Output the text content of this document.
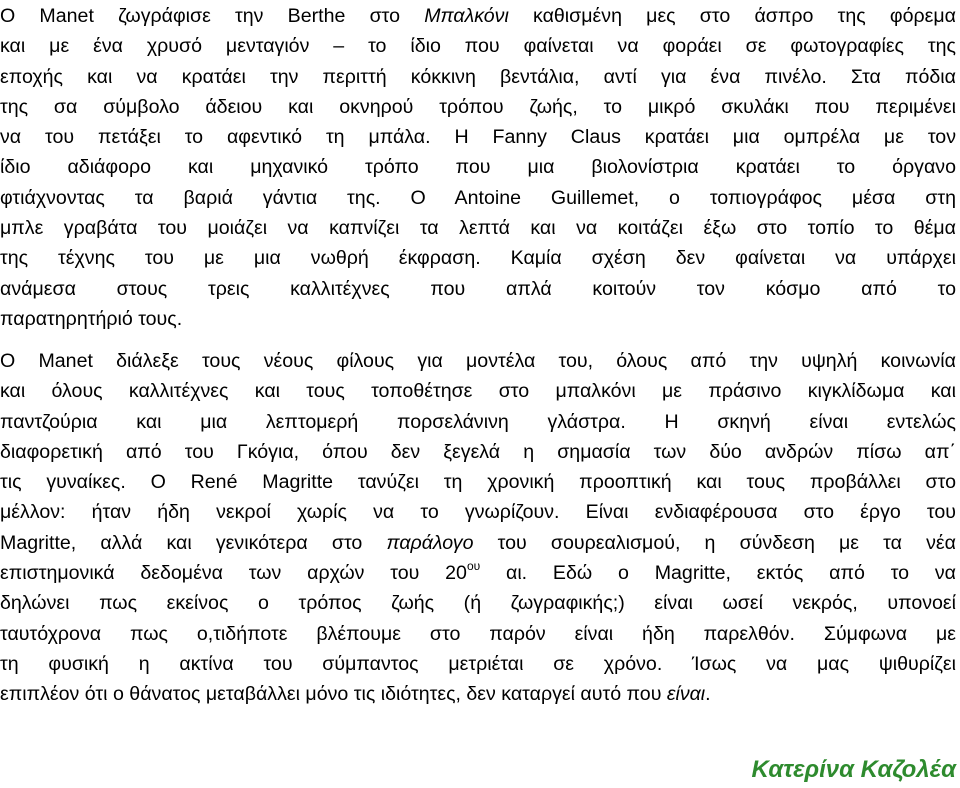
Ο Manet ζωγράφισε την Berthe στο Μπαλκόνι καθισμένη μες στο άσπρο της φόρεμα
και με ένα χρυσό μενταγιόν – το ίδιο που φαίνεται να φοράει σε φωτογραφίες της
εποχής και να κρατάει την περιττή κόκκινη βεντάλια, αντί για ένα πινέλο. Στα πόδια
της σα σύμβολο άδειου και οκνηρού τρόπου ζωής, το μικρό σκυλάκι που περιμένει
να του πετάξει το αφεντικό τη μπάλα. Η Fanny Claus κρατάει μια ομπρέλα με τον
ίδιο αδιάφορο και μηχανικό τρόπο που μια βιολονίστρια κρατάει το όργανο
φτιάχνοντας τα βαριά γάντια της. O Antoine Guillemet, ο τοπιογράφος μέσα στη
μπλε γραβάτα του μοιάζει να καπνίζει τα λεπτά και να κοιτάζει έξω στο τοπίο το θέμα
της τέχνης του με μια νωθρή έκφραση. Καμία σχέση δεν φαίνεται να υπάρχει
ανάμεσα στους τρεις καλλιτέχνες που απλά κοιτούν τον κόσμο από το
παρατηρητήριό τους.
Ο Manet διάλεξε τους νέους φίλους για μοντέλα του, όλους από την υψηλή κοινωνία
και όλους καλλιτέχνες και τους τοποθέτησε στο μπαλκόνι με πράσινο κιγκλίδωμα και
παντζούρια και μια λεπτομερή πορσελάνινη γλάστρα. Η σκηνή είναι εντελώς
διαφορετική από του Γκόγια, όπου δεν ξεγελά η σημασία των δύο ανδρών πίσω απ΄
τις γυναίκες. Ο René Magritte τανύζει τη χρονική προοπτική και τους προβάλλει στο
μέλλον: ήταν ήδη νεκροί χωρίς να το γνωρίζουν. Είναι ενδιαφέρουσα στο έργο του
Magritte, αλλά και γενικότερα στο παράλογο του σουρεαλισμού, η σύνδεση με τα νέα
επιστημονικά δεδομένα των αρχών του $20^{o\upsilon}$ αι. Εδώ ο Magritte, εκτός από το να
δηλώνει πως εκείνος ο τρόπος ζωής (ή ζωγραφικής;) είναι ωσεί νεκρός, υπονοεί
ταυτόχρονα πως ο,τιδήποτε βλέπουμε στο παρόν είναι ήδη παρελθόν. Σύμφωνα με
τη φυσική η ακτίνα του σύμπαντος μετριέται σε χρόνο. Ίσως να μας ψιθυρίζει
επιπλέον ότι ο θάνατος μεταβάλλει μόνο τις ιδιότητες, δεν καταργεί αυτό που είναι.
Κατερίνα Καζολέα
